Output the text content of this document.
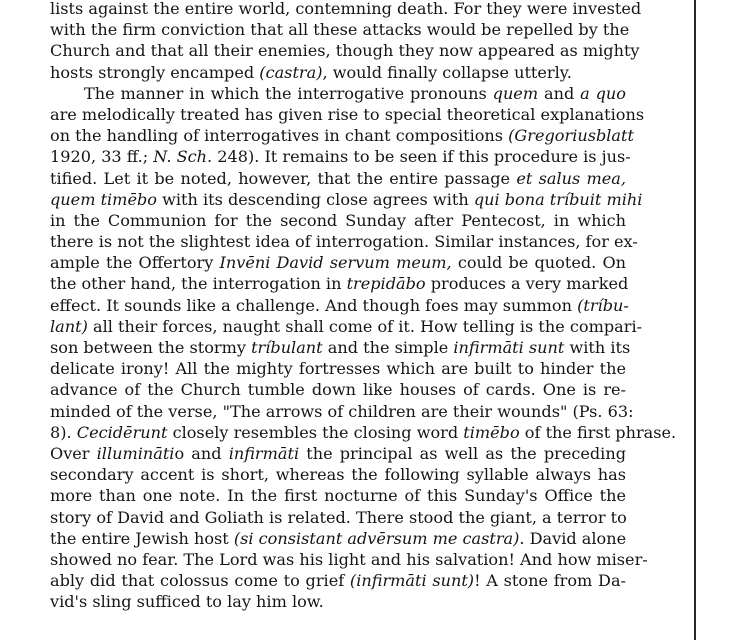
lists against the entire world, contemning death. For they were invested
with the firm conviction that all these attacks would be repelled by the
Church and that all their enemies, though they now appeared as mighty
hosts strongly encamped (castra), would finally collapse utterly.
The manner in which the interrogative pronouns quem and a quo
are melodically treated has given rise to special theoretical explanations
on the handling of interrogatives in chant compositions (Gregoriusblatt
1920, 33 ff.; N. Sch. 248). It remains to be seen if this procedure is jus-
tified. Let it be noted, however, that the entire passage et salus mea,
quem timēbo with its descending close agrees with qui bona tríbuit mihi
in the Communion for the second Sunday after Pentecost, in which
there is not the slightest idea of interrogation. Similar instances, for ex-
ample the Offertory Invēni David servum meum, could be quoted. On
the other hand, the interrogation in trepidābo produces a very marked
effect. It sounds like a challenge. And though foes may summon (tríbu-
lant) all their forces, naught shall come of it. How telling is the compari-
son between the stormy tríbulant and the simple infirmāti sunt with its
delicate irony! All the mighty fortresses which are built to hinder the
advance of the Church tumble down like houses of cards. One is re-
minded of the verse, "The arrows of children are their wounds" (Ps. 63:
8). Cecidērunt closely resembles the closing word timēbo of the first phrase.
Over illuminātio and infirmāti the principal as well as the preceding
secondary accent is short, whereas the following syllable always has
more than one note. In the first nocturne of this Sunday's Office the
story of David and Goliath is related. There stood the giant, a terror to
the entire Jewish host (si consistant advērsum me castra). David alone
showed no fear. The Lord was his light and his salvation! And how miser-
ably did that colossus come to grief (infirmāti sunt)! A stone from Da-
vid's sling sufficed to lay him low.
